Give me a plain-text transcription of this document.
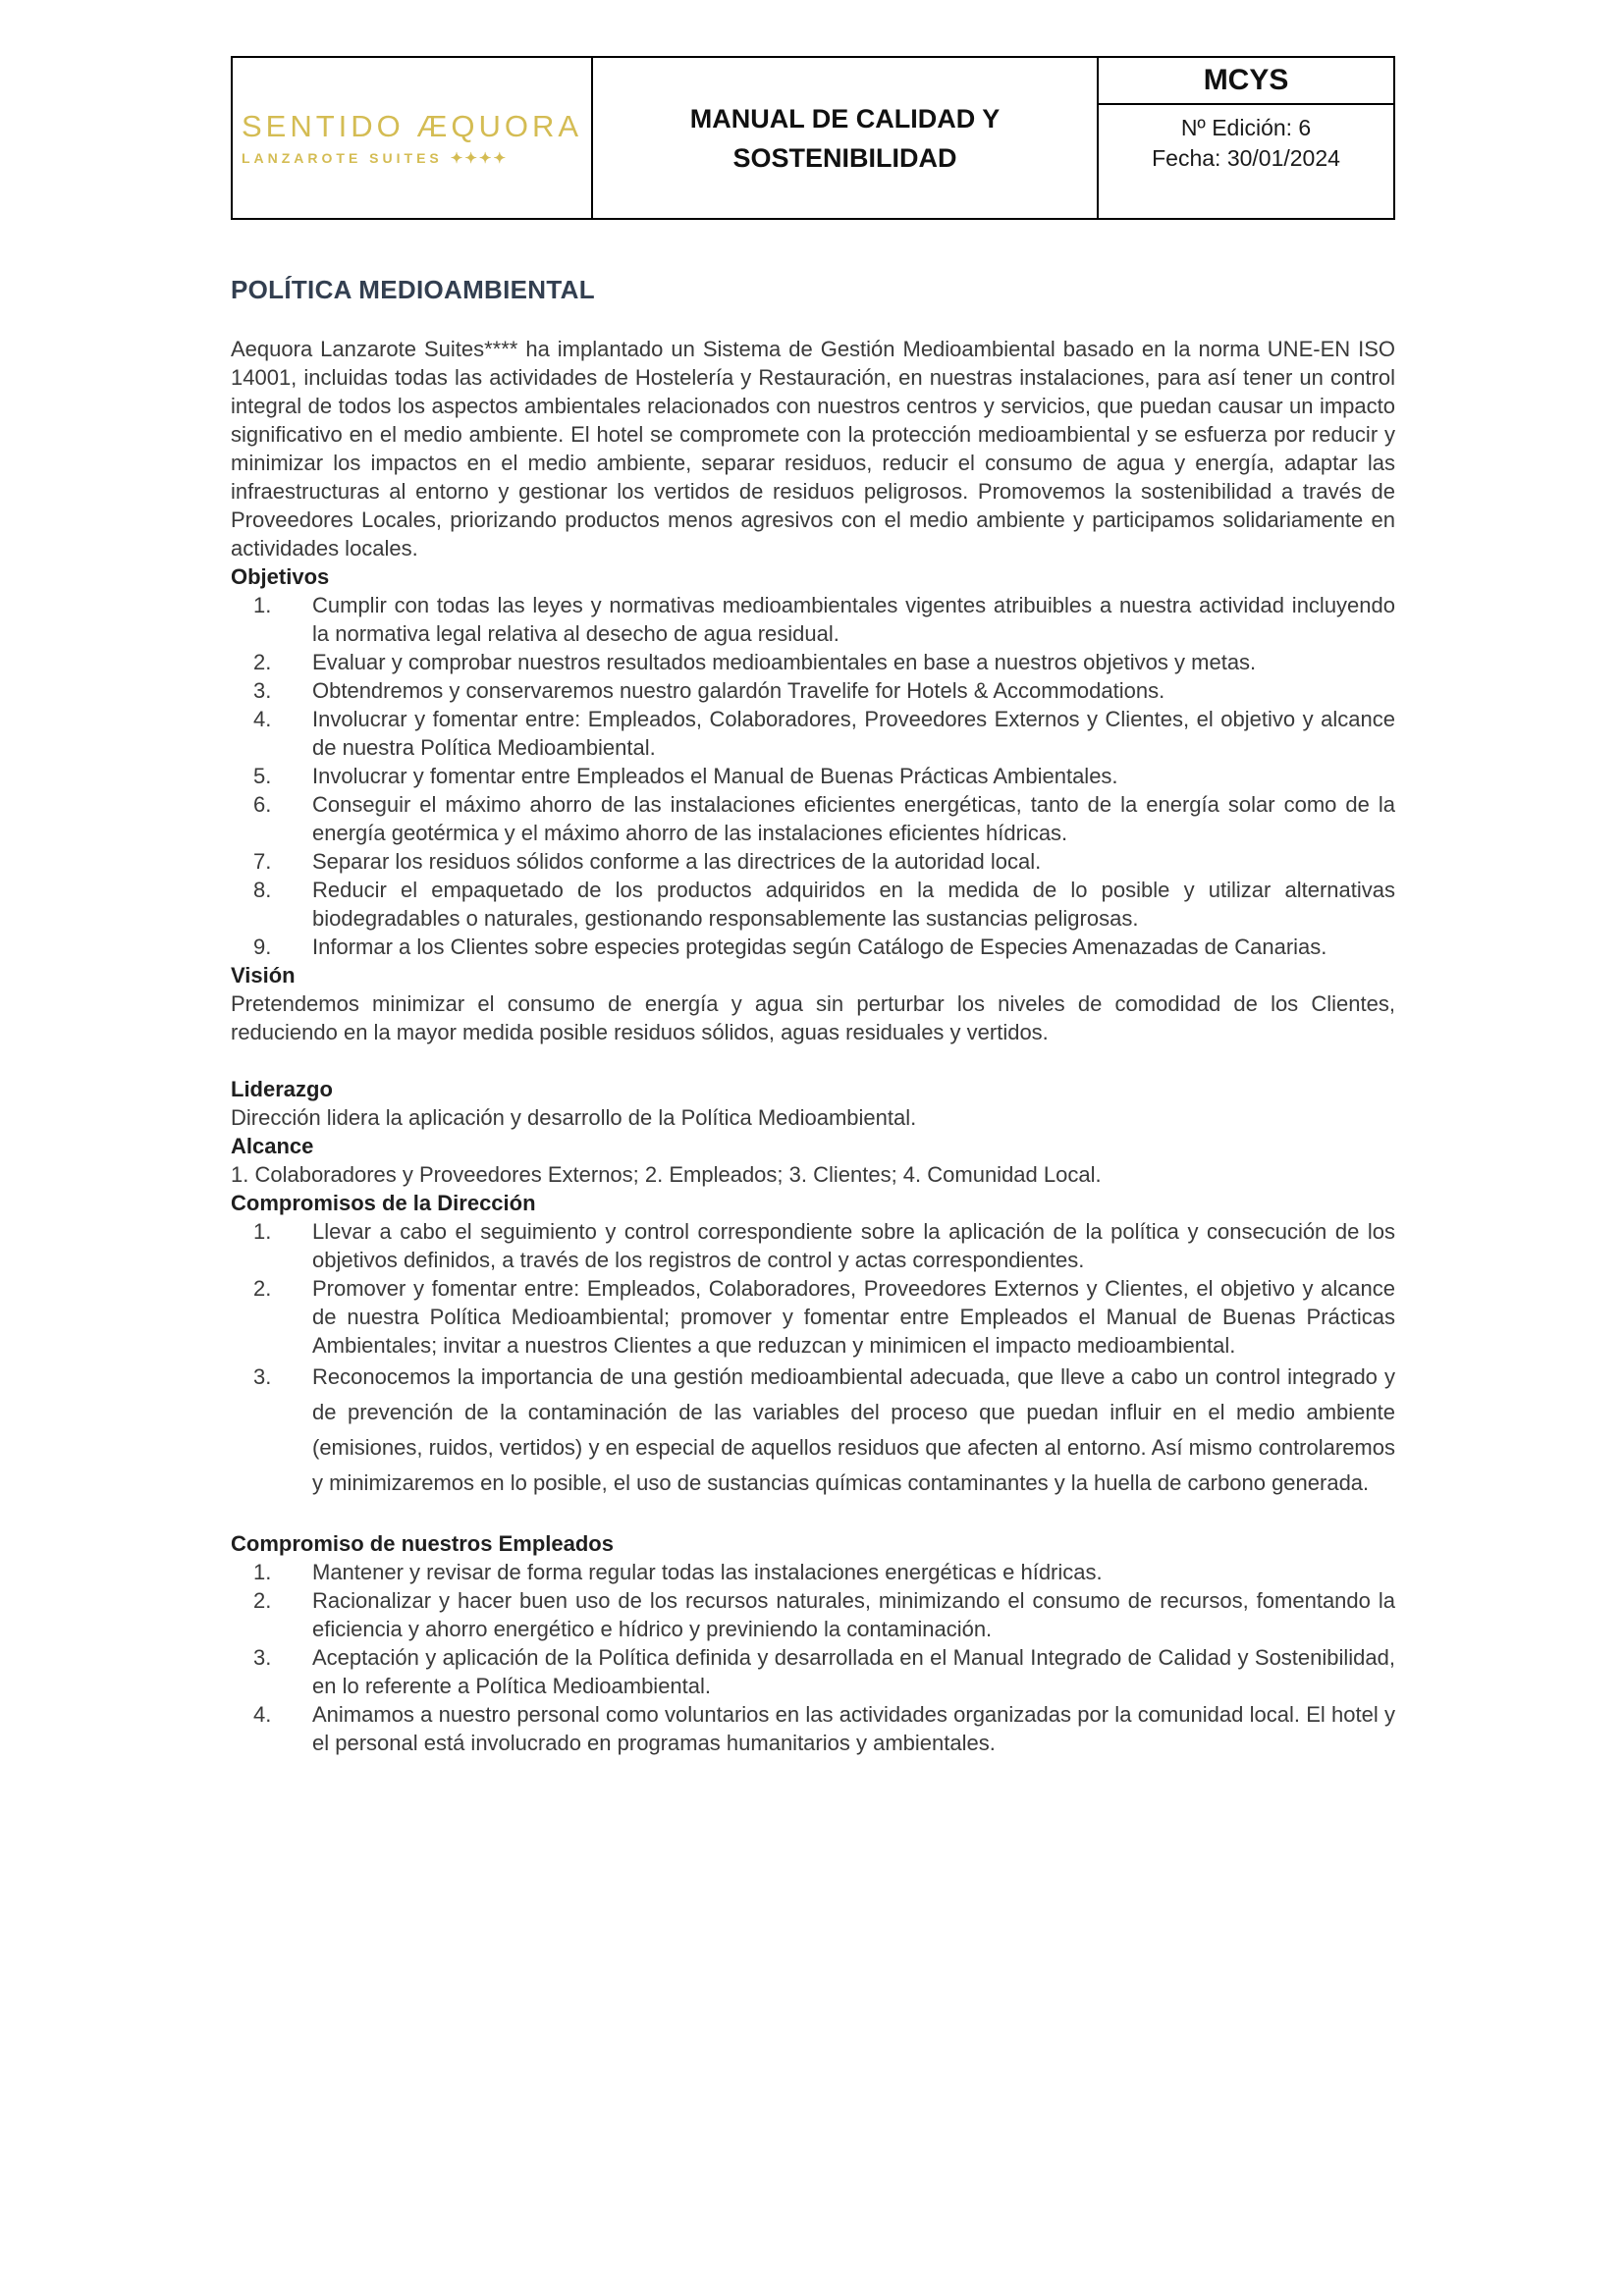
SENTIDO ÆQUORA
LANZAROTE SUITES ✦✦✦✦
	MANUAL DE CALIDAD Y SOSTENIBILIDAD	MCYS

Nº Edición: 6
Fecha: 30/01/2024
POLÍTICA MEDIOAMBIENTAL
Aequora Lanzarote Suites**** ha implantado un Sistema de Gestión Medioambiental basado en la norma UNE-EN ISO 14001, incluidas todas las actividades de Hostelería y Restauración, en nuestras instalaciones, para así tener un control integral de todos los aspectos ambientales relacionados con nuestros centros y servicios, que puedan causar un impacto significativo en el medio ambiente. El hotel se compromete con la protección medioambiental y se esfuerza por reducir y minimizar los impactos en el medio ambiente, separar residuos, reducir el consumo de agua y energía, adaptar las infraestructuras al entorno y gestionar los vertidos de residuos peligrosos. Promovemos la sostenibilidad a través de Proveedores Locales, priorizando productos menos agresivos con el medio ambiente y participamos solidariamente en actividades locales.
Objetivos
1.	Cumplir con todas las leyes y normativas medioambientales vigentes atribuibles a nuestra actividad incluyendo la normativa legal relativa al desecho de agua residual.
2.	Evaluar y comprobar nuestros resultados medioambientales en base a nuestros objetivos y metas.
3.	Obtendremos y conservaremos nuestro galardón Travelife for Hotels & Accommodations.
4.	Involucrar y fomentar entre: Empleados, Colaboradores, Proveedores Externos y Clientes, el objetivo y alcance de nuestra Política Medioambiental.
5.	Involucrar y fomentar entre Empleados el Manual de Buenas Prácticas Ambientales.
6.	Conseguir el máximo ahorro de las instalaciones eficientes energéticas, tanto de la energía solar como de la energía geotérmica y el máximo ahorro de las instalaciones eficientes hídricas.
7.	Separar los residuos sólidos conforme a las directrices de la autoridad local.
8.	Reducir el empaquetado de los productos adquiridos en la medida de lo posible y utilizar alternativas biodegradables o naturales, gestionando responsablemente las sustancias peligrosas.
9.	Informar a los Clientes sobre especies protegidas según Catálogo de Especies Amenazadas de Canarias.
Visión
Pretendemos minimizar el consumo de energía y agua sin perturbar los niveles de comodidad de los Clientes, reduciendo en la mayor medida posible residuos sólidos, aguas residuales y vertidos.
Liderazgo
Dirección lidera la aplicación y desarrollo de la Política Medioambiental.
Alcance
1. Colaboradores y Proveedores Externos; 2. Empleados; 3. Clientes; 4. Comunidad Local.
Compromisos de la Dirección
1.	Llevar a cabo el seguimiento y control correspondiente sobre la aplicación de la política y consecución de los objetivos definidos, a través de los registros de control y actas correspondientes.
2.	Promover y fomentar entre: Empleados, Colaboradores, Proveedores Externos y Clientes, el objetivo y alcance de nuestra Política Medioambiental; promover y fomentar entre Empleados el Manual de Buenas Prácticas Ambientales; invitar a nuestros Clientes a que reduzcan y minimicen el impacto medioambiental.
3.	Reconocemos la importancia de una gestión medioambiental adecuada, que lleve a cabo un control integrado y de prevención de la contaminación de las variables del proceso que puedan influir en el medio ambiente (emisiones, ruidos, vertidos) y en especial de aquellos residuos que afecten al entorno. Así mismo controlaremos y minimizaremos en lo posible, el uso de sustancias químicas contaminantes y la huella de carbono generada.
Compromiso de nuestros Empleados
1.	Mantener y revisar de forma regular todas las instalaciones energéticas e hídricas.
2.	Racionalizar y hacer buen uso de los recursos naturales, minimizando el consumo de recursos, fomentando la eficiencia y ahorro energético e hídrico y previniendo la contaminación.
3.	Aceptación y aplicación de la Política definida y desarrollada en el Manual Integrado de Calidad y Sostenibilidad, en lo referente a Política Medioambiental.
4.	Animamos a nuestro personal como voluntarios en las actividades organizadas por la comunidad local. El hotel y el personal está involucrado en programas humanitarios y ambientales.
